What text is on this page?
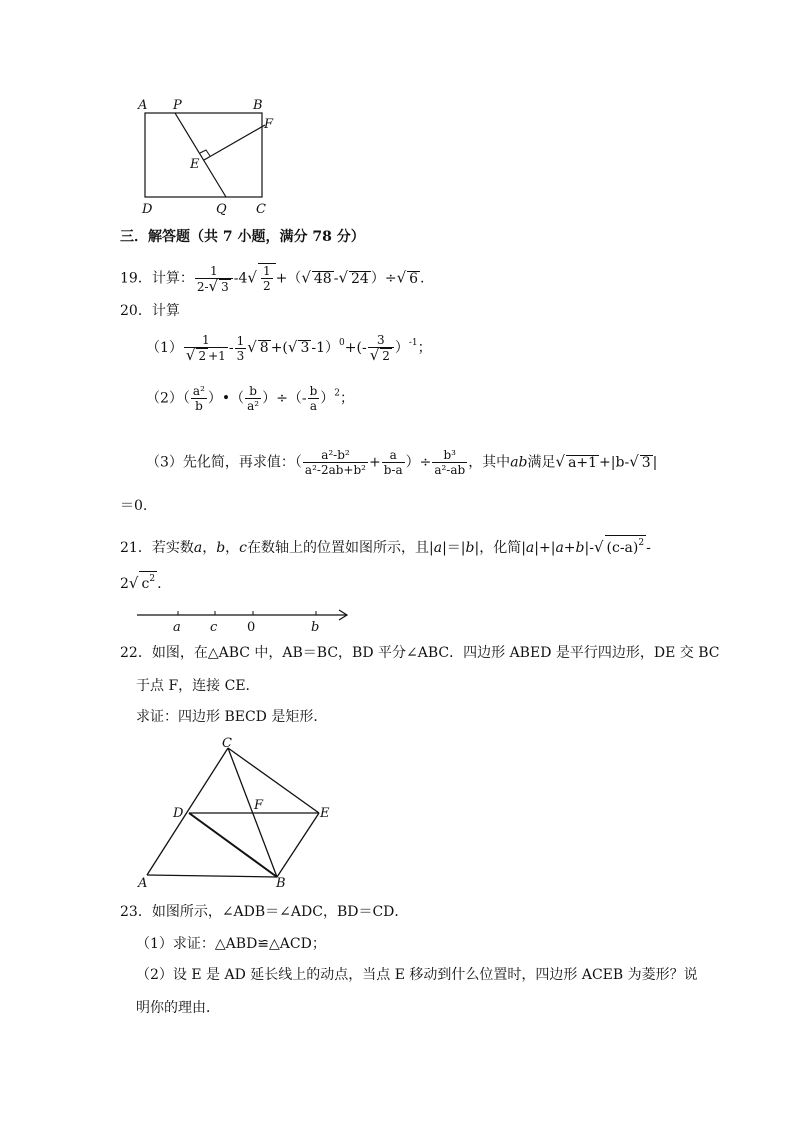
A P	B
F
E
D	Q C
三．解答题（共 7 小题，满分 78 分）
19．计算： $\frac{1}{2-√ 3} -4√ \frac{1}{2}$ +（√ 48 -√ 24 ）÷√ 6 .
20．计算
$(1) \frac{1}{√ 2 +1} - \frac{1}{3}$ √ 8 +(√ 3 $-1)^0+(- \frac{3}{√ 2} )^{-1}$；
$(2)( \frac{\text{a²}}{b}$ ）•（ $\frac{b}{\text{a²}}$ ）÷（- $\frac{b}{a} )^2$；
（3）先化简，再求值：（ $\frac{\text{a²-b²}}{\text{a²-2ab+b²}} + \frac{a}{b-a}$ ）÷ $\frac{\text{b³}}{\text{a²-ab}}$ ，其中ab满足√ a+1 +|b-√ 3 |
＝0.
21．若实数a，b，c在数轴上的位置如图所示，且|a|＝|b|，化简|a|+|a+b|-√ $(c-a)^2$ -
2√ $c^2$ .
a c 0	b
22．如图，在△ABC 中，AB＝BC，BD 平分∠ABC．四边形 ABED 是平行四边形，DE 交 BC
于点 F，连接 CE．
求证：四边形 BECD 是矩形．
C
D
F
E
A	B
23．如图所示，∠ADB＝∠ADC，BD＝CD．
（1）求证：△ABD≌△ACD；
（2）设 E 是 AD 延长线上的动点，当点 E 移动到什么位置时，四边形 ACEB 为菱形？说
明你的理由．
